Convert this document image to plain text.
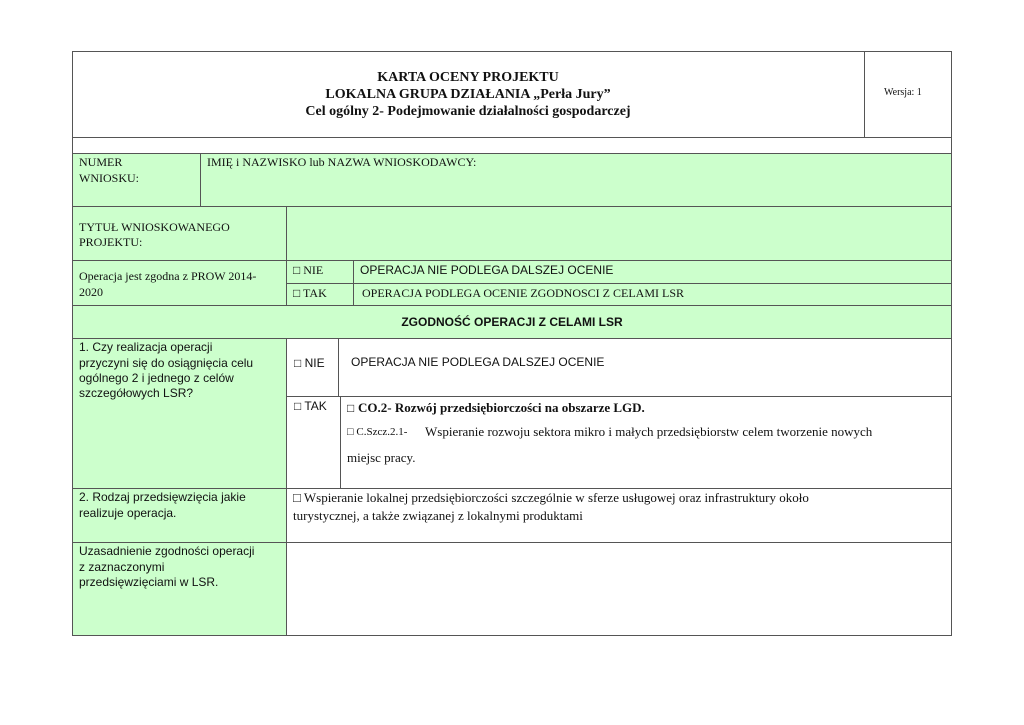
KARTA OCENY PROJEKTU
LOKALNA GRUPA DZIAŁANIA „Perła Jury”
Cel ogólny 2- Podejmowanie działalności gospodarczej
Wersja: 1
NUMER
WNIOSKU:
IMIĘ i NAZWISKO lub NAZWA WNIOSKODAWCY:
TYTUŁ WNIOSKOWANEGO
PROJEKTU:
Operacja jest zgodna z PROW 2014-
2020
□ NIE	OPERACJA NIE PODLEGA DALSZEJ OCENIE
□ TAK	OPERACJA PODLEGA OCENIE ZGODNOSCI Z CELAMI LSR
ZGODNOŚĆ OPERACJI Z CELAMI LSR
1. Czy realizacja operacji
przyczyni się do osiągnięcia celu
ogólnego 2 i jednego z celów
szczegółowych LSR?
□ NIE OPERACJA NIE PODLEGA DALSZEJ OCENIE
□ TAK □ CO.2- Rozwój przedsiębiorczości na obszarze LGD.
□ C.Szcz.2.1- Wspieranie rozwoju sektora mikro i małych przedsiębiorstw celem tworzenie nowych
miejsc pracy.
2. Rodzaj przedsięwzięcia jakie
realizuje operacja.
□ Wspieranie lokalnej przedsiębiorczości szczególnie w sferze usługowej oraz infrastruktury około
turystycznej, a także związanej z lokalnymi produktami
Uzasadnienie zgodności operacji
z zaznaczonymi
przedsięwzięciami w LSR.
